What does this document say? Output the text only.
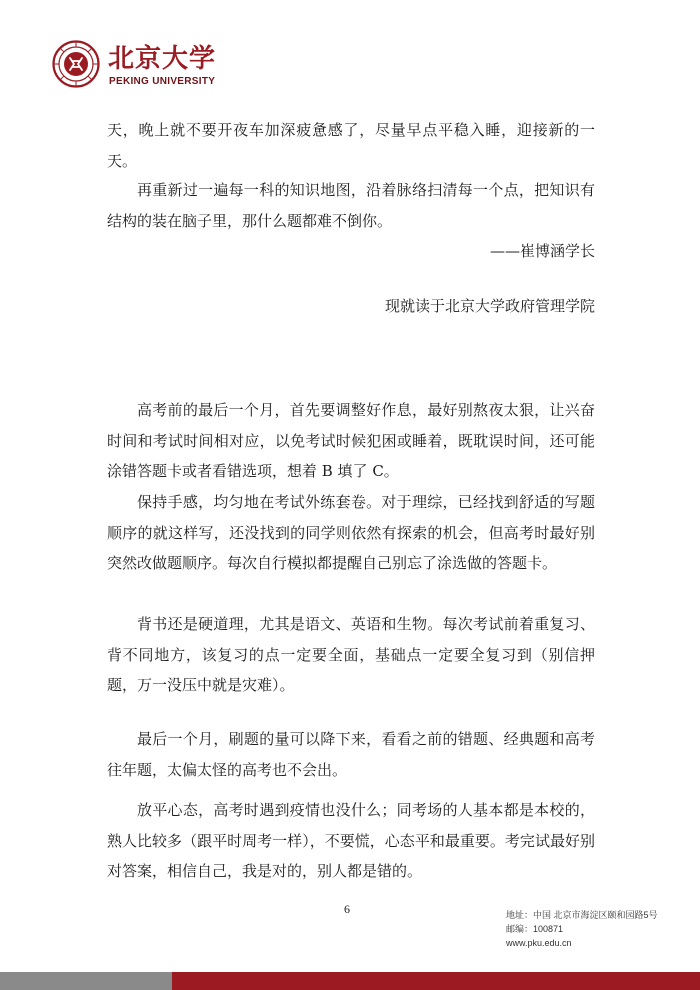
北京大学
PEKING UNIVERSITY

天，晚上就不要开夜车加深疲惫感了，尽量早点平稳入睡，迎接新的一天。

再重新过一遍每一科的知识地图，沿着脉络扫清每一个点，把知识有结构的装在脑子里，那什么题都难不倒你。

——崔博涵学长
现就读于北京大学政府管理学院

高考前的最后一个月，首先要调整好作息，最好别熬夜太狠，让兴奋时间和考试时间相对应，以免考试时候犯困或睡着，既耽误时间，还可能涂错答题卡或者看错选项，想着 B 填了 C。

保持手感，均匀地在考试外练套卷。对于理综，已经找到舒适的写题顺序的就这样写，还没找到的同学则依然有探索的机会，但高考时最好别突然改做题顺序。每次自行模拟都提醒自己别忘了涂选做的答题卡。

背书还是硬道理，尤其是语文、英语和生物。每次考试前着重复习、背不同地方，该复习的点一定要全面，基础点一定要全复习到（别信押题，万一没压中就是灾难）。

最后一个月，刷题的量可以降下来，看看之前的错题、经典题和高考往年题，太偏太怪的高考也不会出。

放平心态，高考时遇到疫情也没什么；同考场的人基本都是本校的，熟人比较多（跟平时周考一样），不要慌，心态平和最重要。考完试最好别对答案，相信自己，我是对的，别人都是错的。

6	地址：中国 北京市海淀区颐和园路5号
邮编：100871
www.pku.edu.cn
